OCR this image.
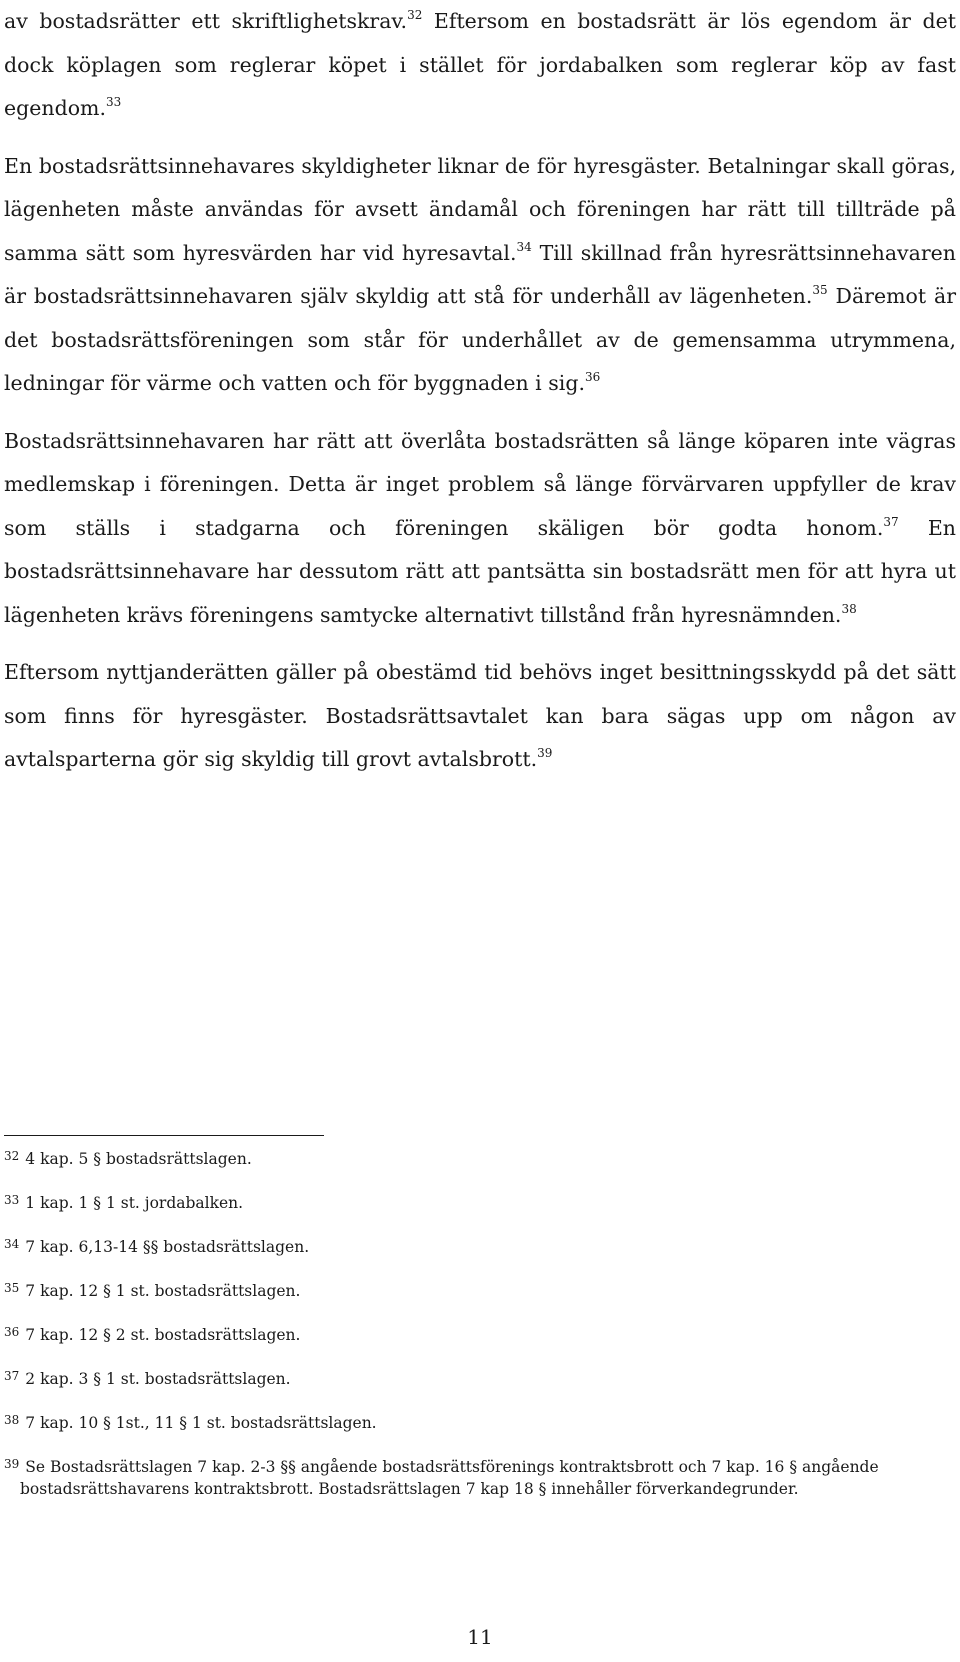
av bostadsrätter ett skriftlighetskrav.$^{32}$ Eftersom en bostadsrätt är lös egendom är det dock köplagen som reglerar köpet i stället för jordabalken som reglerar köp av fast egendom.$^{33}$

En bostadsrättsinnehavares skyldigheter liknar de för hyresgäster. Betalningar skall göras, lägenheten måste användas för avsett ändamål och föreningen har rätt till tillträde på samma sätt som hyresvärden har vid hyresavtal.$^{34}$ Till skillnad från hyresrättsinnehavaren är bostadsrättsinnehavaren själv skyldig att stå för underhåll av lägenheten.$^{35}$ Däremot är det bostadsrättsföreningen som står för underhållet av de gemensamma utrymmena, ledningar för värme och vatten och för byggnaden i sig.$^{36}$

Bostadsrättsinnehavaren har rätt att överlåta bostadsrätten så länge köparen inte vägras medlemskap i föreningen. Detta är inget problem så länge förvärvaren uppfyller de krav som ställs i stadgarna och föreningen skäligen bör godta honom.$^{37}$ En bostadsrättsinnehavare har dessutom rätt att pantsätta sin bostadsrätt men för att hyra ut lägenheten krävs föreningens samtycke alternativt tillstånd från hyresnämnden.$^{38}$

Eftersom nyttjanderätten gäller på obestämd tid behövs inget besittningsskydd på det sätt som finns för hyresgäster. Bostadsrättsavtalet kan bara sägas upp om någon av avtalsparterna gör sig skyldig till grovt avtalsbrott.$^{39}$

$^{32}$ 4 kap. 5 § bostadsrättslagen.
$^{33}$ 1 kap. 1 § 1 st. jordabalken.
$^{34}$ 7 kap. 6,13-14 §§ bostadsrättslagen.
$^{35}$ 7 kap. 12 § 1 st. bostadsrättslagen.
$^{36}$ 7 kap. 12 § 2 st. bostadsrättslagen.
$^{37}$ 2 kap. 3 § 1 st. bostadsrättslagen.
$^{38}$ 7 kap. 10 § 1st., 11 § 1 st. bostadsrättslagen.
$^{39}$ Se Bostadsrättslagen 7 kap. 2-3 §§ angående bostadsrättsförenings kontraktsbrott och 7 kap. 16 § angående
bostadsrättshavarens kontraktsbrott. Bostadsrättslagen 7 kap 18 § innehåller förverkandegrunder.
11
